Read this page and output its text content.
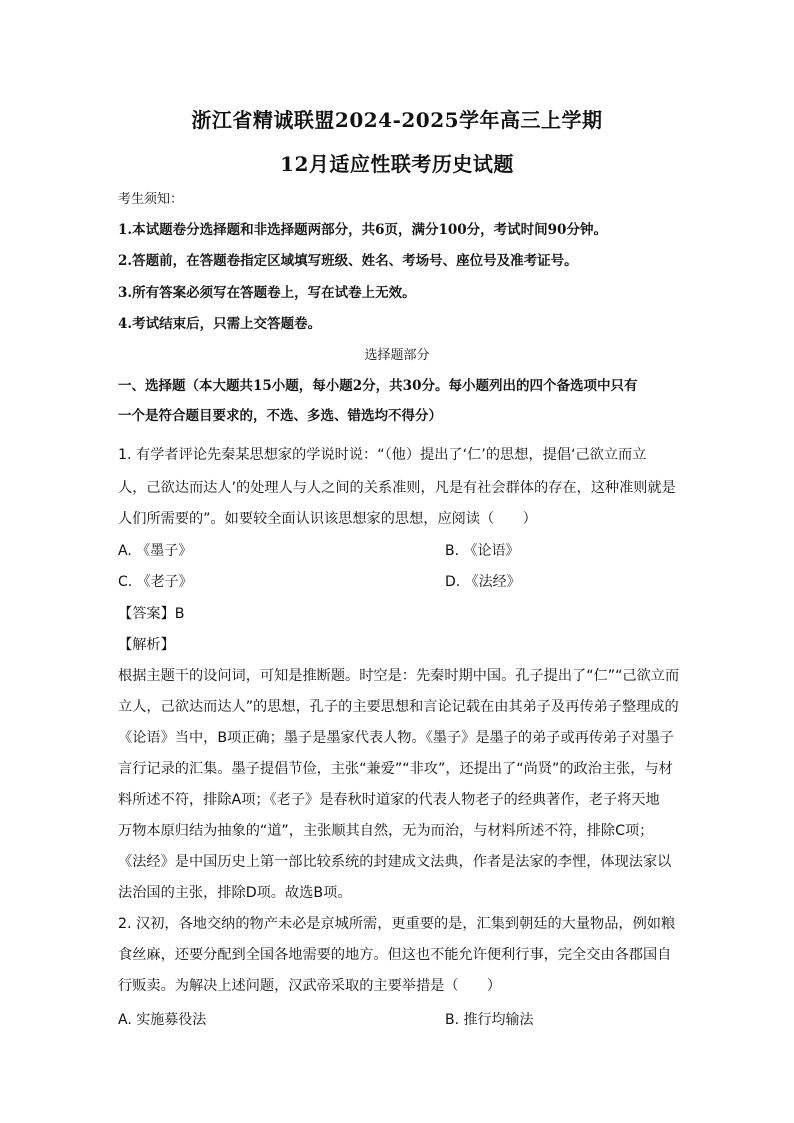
浙江省精诚联盟2024-2025学年高三上学期
12月适应性联考历史试题
考生须知：
1.本试题卷分选择题和非选择题两部分，共6页，满分100分，考试时间90分钟。
2.答题前，在答题卷指定区域填写班级、姓名、考场号、座位号及准考证号。
3.所有答案必须写在答题卷上，写在试卷上无效。
4.考试结束后，只需上交答题卷。
选择题部分
一、选择题（本大题共15小题，每小题2分，共30分。每小题列出的四个备选项中只有
一个是符合题目要求的，不选、多选、错选均不得分）
1. 有学者评论先秦某思想家的学说时说：“（他）提出了‘仁’的思想，提倡‘己欲立而立
人，己欲达而达人’的处理人与人之间的关系准则，凡是有社会群体的存在，这种准则就是
人们所需要的”。如要较全面认识该思想家的思想，应阅读（　　）
A. 《墨子》	B. 《论语》
C. 《老子》	D. 《法经》
【答案】B
【解析】
根据主题干的设问词，可知是推断题。时空是：先秦时期中国。孔子提出了“仁”“己欲立而
立人，己欲达而达人”的思想，孔子的主要思想和言论记载在由其弟子及再传弟子整理成的
《论语》当中，B项正确；墨子是墨家代表人物。《墨子》是墨子的弟子或再传弟子对墨子
言行记录的汇集。墨子提倡节俭，主张“兼爱”“非攻”，还提出了“尚贤”的政治主张，与材
料所述不符，排除A项；《老子》是春秋时道家的代表人物老子的经典著作，老子将天地
万物本原归结为抽象的“道”，主张顺其自然，无为而治，与材料所述不符，排除C项；
《法经》是中国历史上第一部比较系统的封建成文法典，作者是法家的李悝，体现法家以
法治国的主张，排除D项。故选B项。
2. 汉初，各地交纳的物产未必是京城所需，更重要的是，汇集到朝廷的大量物品，例如粮
食丝麻，还要分配到全国各地需要的地方。但这也不能允许便利行事，完全交由各郡国自
行贩卖。为解决上述问题，汉武帝采取的主要举措是（　　）
A. 实施募役法	B. 推行均输法
